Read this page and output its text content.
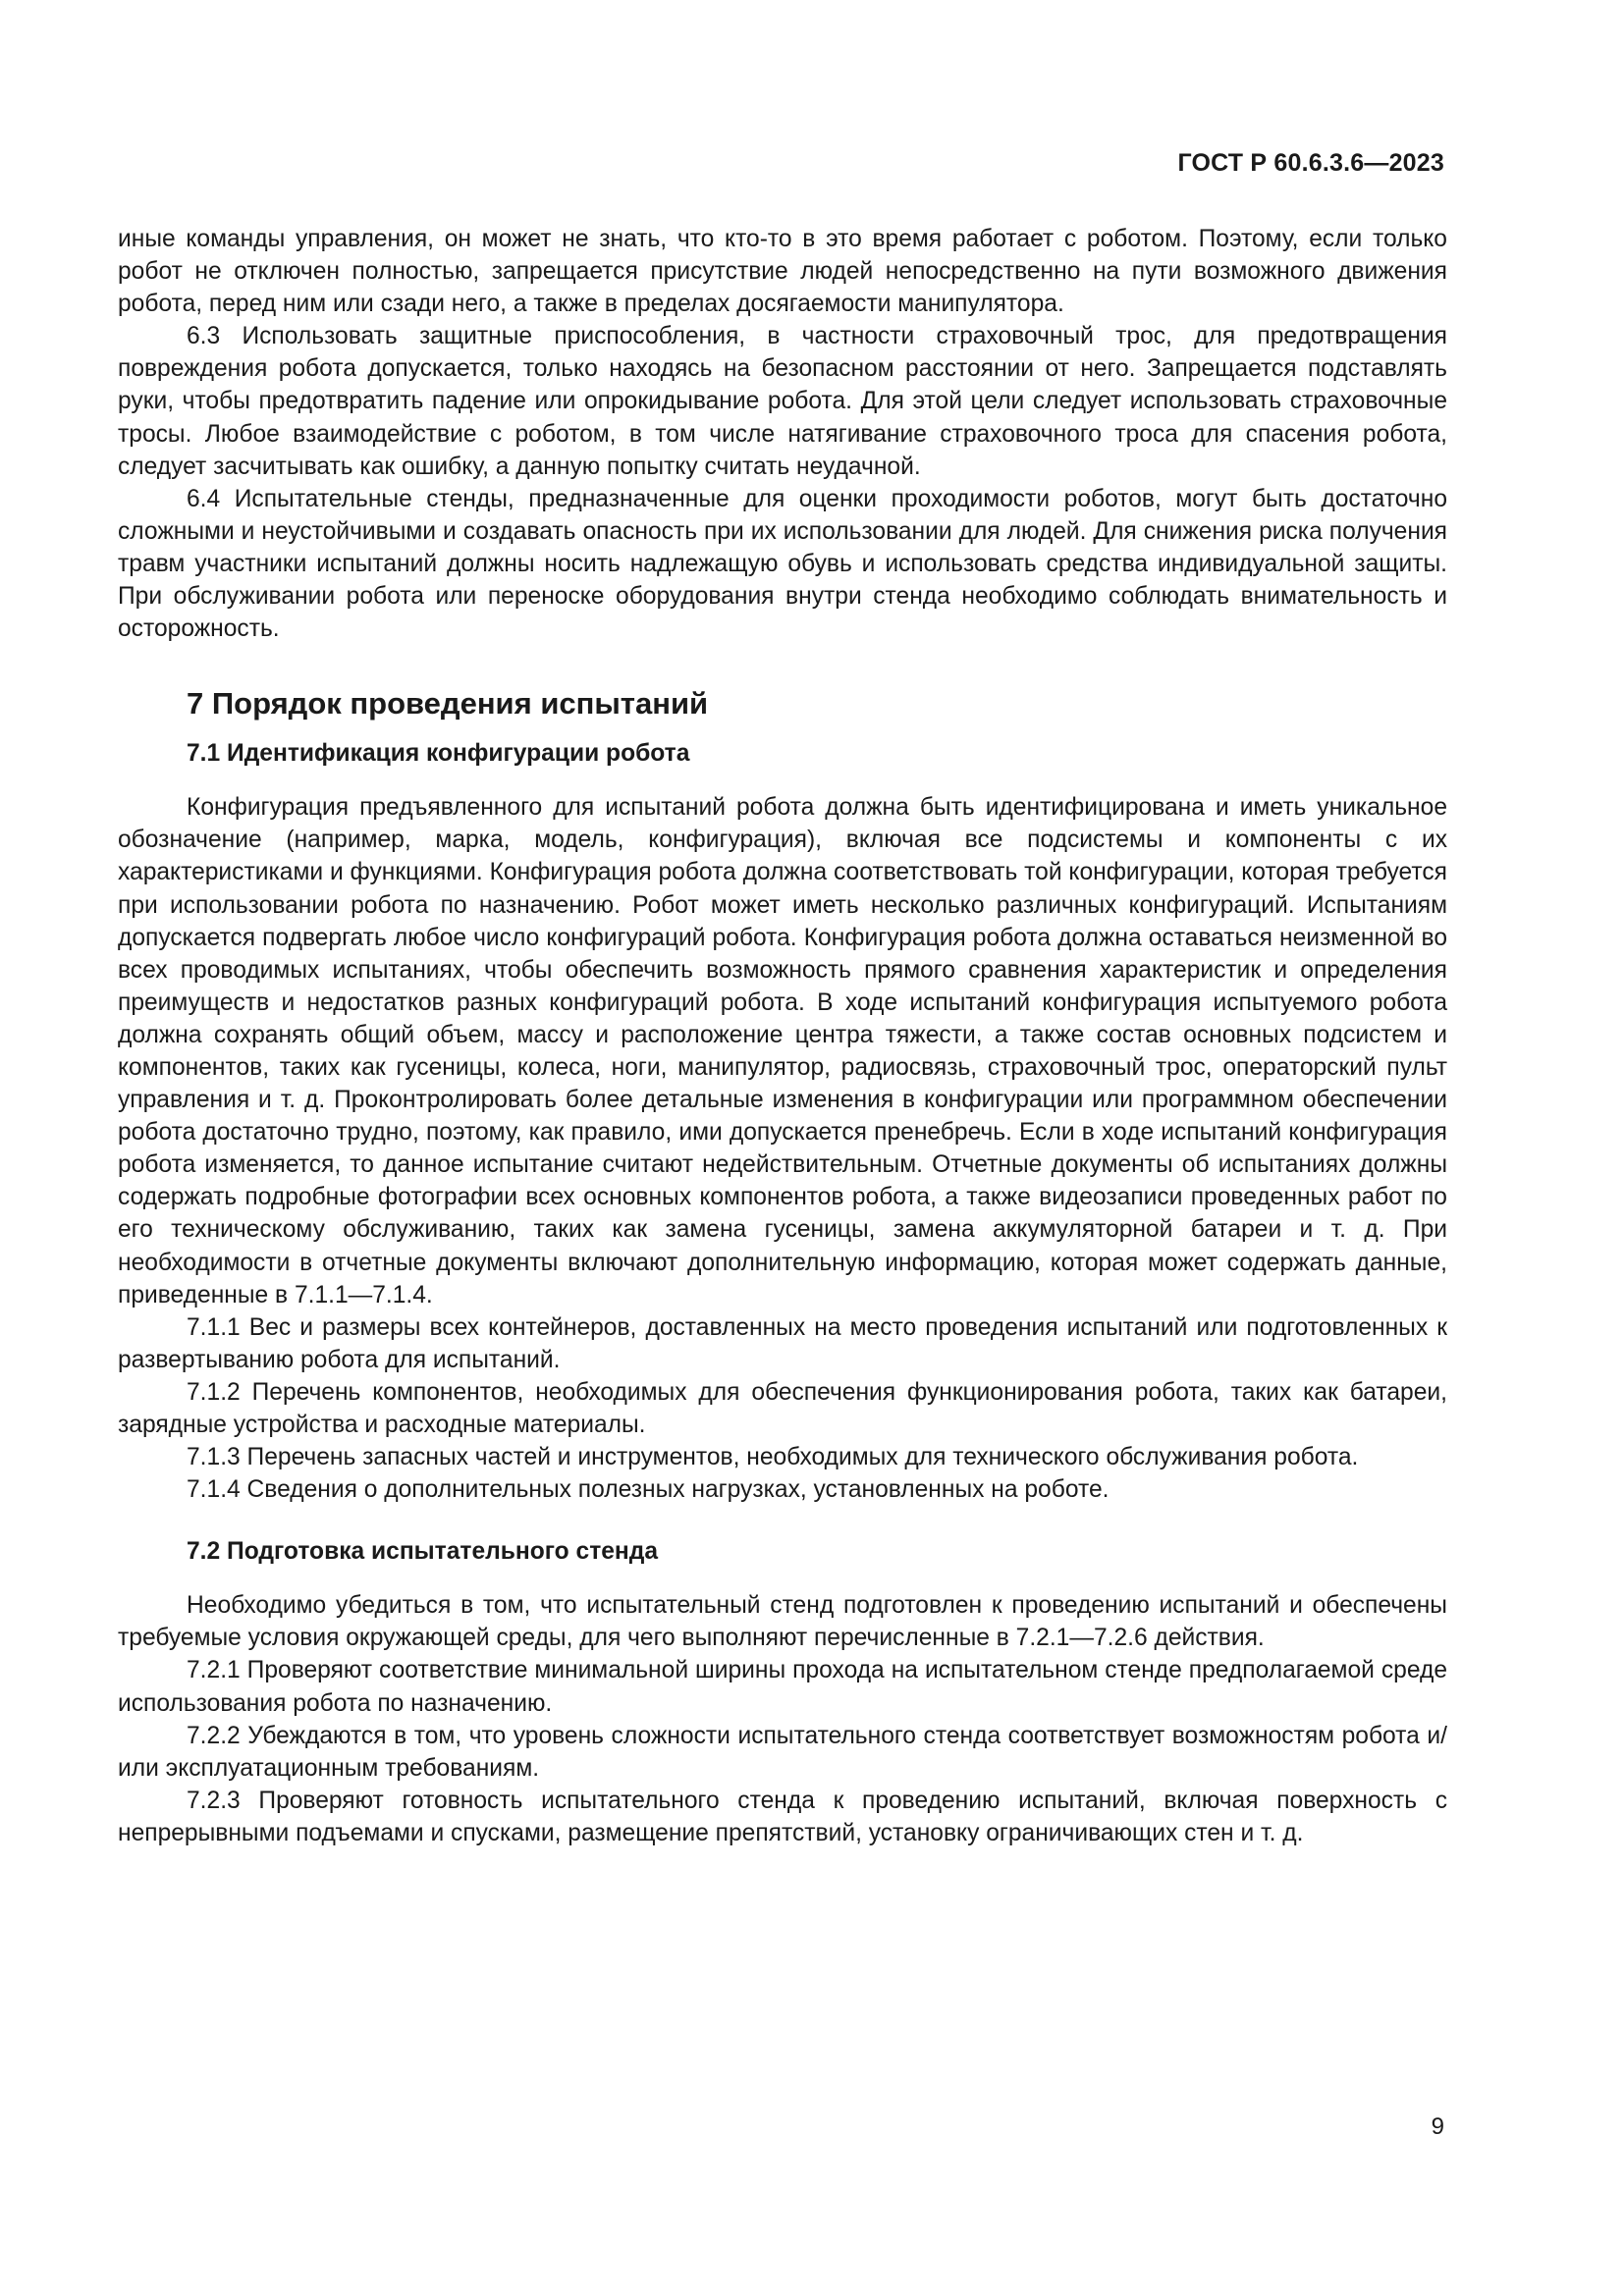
ГОСТ Р 60.6.3.6—2023

иные команды управления, он может не знать, что кто-то в это время работает с роботом. Поэтому, если только робот не отключен полностью, запрещается присутствие людей непосредственно на пути возможного движения робота, перед ним или сзади него, а также в пределах досягаемости манипулятора.

6.3 Использовать защитные приспособления, в частности страховочный трос, для предотвращения повреждения робота допускается, только находясь на безопасном расстоянии от него. Запрещается подставлять руки, чтобы предотвратить падение или опрокидывание робота. Для этой цели следует использовать страховочные тросы. Любое взаимодействие с роботом, в том числе натягивание страховочного троса для спасения робота, следует засчитывать как ошибку, а данную попытку считать неудачной.

6.4 Испытательные стенды, предназначенные для оценки проходимости роботов, могут быть достаточно сложными и неустойчивыми и создавать опасность при их использовании для людей. Для снижения риска получения травм участники испытаний должны носить надлежащую обувь и использовать средства индивидуальной защиты. При обслуживании робота или переноске оборудования внутри стенда необходимо соблюдать внимательность и осторожность.

7 Порядок проведения испытаний

7.1 Идентификация конфигурации робота

Конфигурация предъявленного для испытаний робота должна быть идентифицирована и иметь уникальное обозначение (например, марка, модель, конфигурация), включая все подсистемы и компоненты с их характеристиками и функциями. Конфигурация робота должна соответствовать той конфигурации, которая требуется при использовании робота по назначению. Робот может иметь несколько различных конфигураций. Испытаниям допускается подвергать любое число конфигураций робота. Конфигурация робота должна оставаться неизменной во всех проводимых испытаниях, чтобы обеспечить возможность прямого сравнения характеристик и определения преимуществ и недостатков разных конфигураций робота. В ходе испытаний конфигурация испытуемого робота должна сохранять общий объем, массу и расположение центра тяжести, а также состав основных подсистем и компонентов, таких как гусеницы, колеса, ноги, манипулятор, радиосвязь, страховочный трос, операторский пульт управления и т. д. Проконтролировать более детальные изменения в конфигурации или программном обеспечении робота достаточно трудно, поэтому, как правило, ими допускается пренебречь. Если в ходе испытаний конфигурация робота изменяется, то данное испытание считают недействительным. Отчетные документы об испытаниях должны содержать подробные фотографии всех основных компонентов робота, а также видеозаписи проведенных работ по его техническому обслуживанию, таких как замена гусеницы, замена аккумуляторной батареи и т. д. При необходимости в отчетные документы включают дополнительную информацию, которая может содержать данные, приведенные в 7.1.1—7.1.4.

7.1.1 Вес и размеры всех контейнеров, доставленных на место проведения испытаний или подготовленных к развертыванию робота для испытаний.

7.1.2 Перечень компонентов, необходимых для обеспечения функционирования робота, таких как батареи, зарядные устройства и расходные материалы.

7.1.3 Перечень запасных частей и инструментов, необходимых для технического обслуживания робота.

7.1.4 Сведения о дополнительных полезных нагрузках, установленных на роботе.

7.2 Подготовка испытательного стенда

Необходимо убедиться в том, что испытательный стенд подготовлен к проведению испытаний и обеспечены требуемые условия окружающей среды, для чего выполняют перечисленные в 7.2.1—7.2.6 действия.

7.2.1 Проверяют соответствие минимальной ширины прохода на испытательном стенде предполагаемой среде использования робота по назначению.

7.2.2 Убеждаются в том, что уровень сложности испытательного стенда соответствует возможностям робота и/или эксплуатационным требованиям.

7.2.3 Проверяют готовность испытательного стенда к проведению испытаний, включая поверхность с непрерывными подъемами и спусками, размещение препятствий, установку ограничивающих стен и т. д.

9
